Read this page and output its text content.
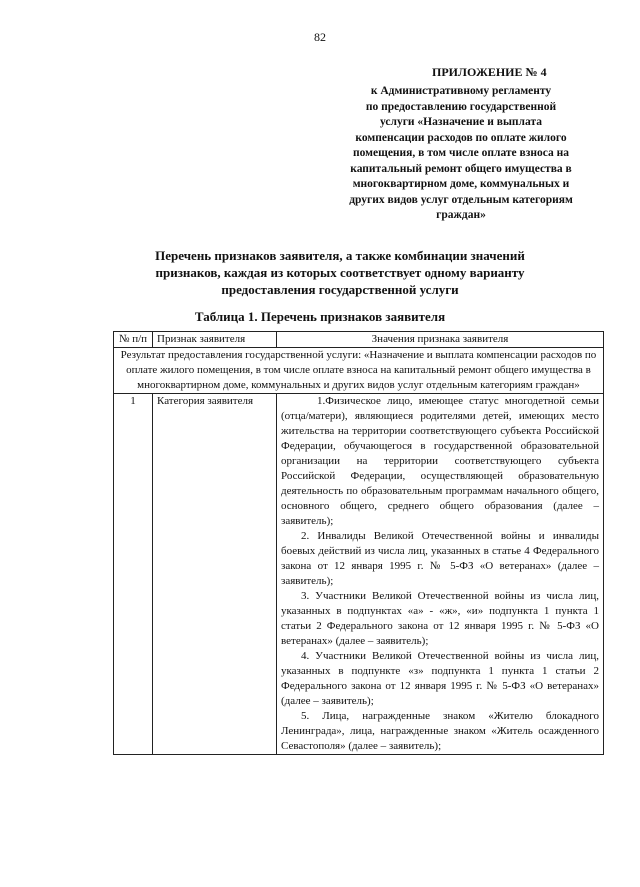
82
ПРИЛОЖЕНИЕ № 4
к Административному регламенту
по предоставлению государственной
услуги «Назначение и выплата
компенсации расходов по оплате жилого
помещения, в том числе оплате взноса на
капитальный ремонт общего имущества в
многоквартирном доме, коммунальных и
других видов услуг отдельным категориям
граждан»
Перечень признаков заявителя, а также комбинации значений
признаков, каждая из которых соответствует одному варианту
предоставления государственной услуги
Таблица 1. Перечень признаков заявителя
№ п/п	Признак заявителя	Значения признака заявителя
Результат предоставления государственной услуги: «Назначение и выплата компенсации расходов по оплате жилого помещения, в том числе оплате взноса на капитальный ремонт общего имущества в многоквартирном доме, коммунальных и других видов услуг отдельным категориям граждан»		
1	Категория заявителя	1.Физическое лицо, имеющее статус многодетной семьи (отца/матери), являющиеся родителями детей, имеющих место жительства на территории соответствующего субъекта Российской Федерации, обучающегося в государственной образовательной организации на территории соответствующего субъекта Российской Федерации, осуществляющей образовательную деятельность по образовательным программам начального общего, основного общего, среднего общего образования (далее – заявитель);

2. Инвалиды Великой Отечественной войны и инвалиды боевых действий из числа лиц, указанных в статье 4 Федерального закона от 12 января 1995 г. № 5-ФЗ «О ветеранах» (далее – заявитель);

3. Участники Великой Отечественной войны из числа лиц, указанных в подпунктах «а» - «ж», «и» подпункта 1 пункта 1 статьи 2 Федерального закона от 12 января 1995 г. № 5-ФЗ «О ветеранах» (далее – заявитель);

4. Участники Великой Отечественной войны из числа лиц, указанных в подпункте «з» подпункта 1 пункта 1 статьи 2 Федерального закона от 12 января 1995 г. № 5-ФЗ «О ветеранах» (далее – заявитель);

5. Лица, награжденные знаком «Жителю блокадного Ленинграда», лица, награжденные знаком «Житель осажденного Севастополя» (далее – заявитель);
